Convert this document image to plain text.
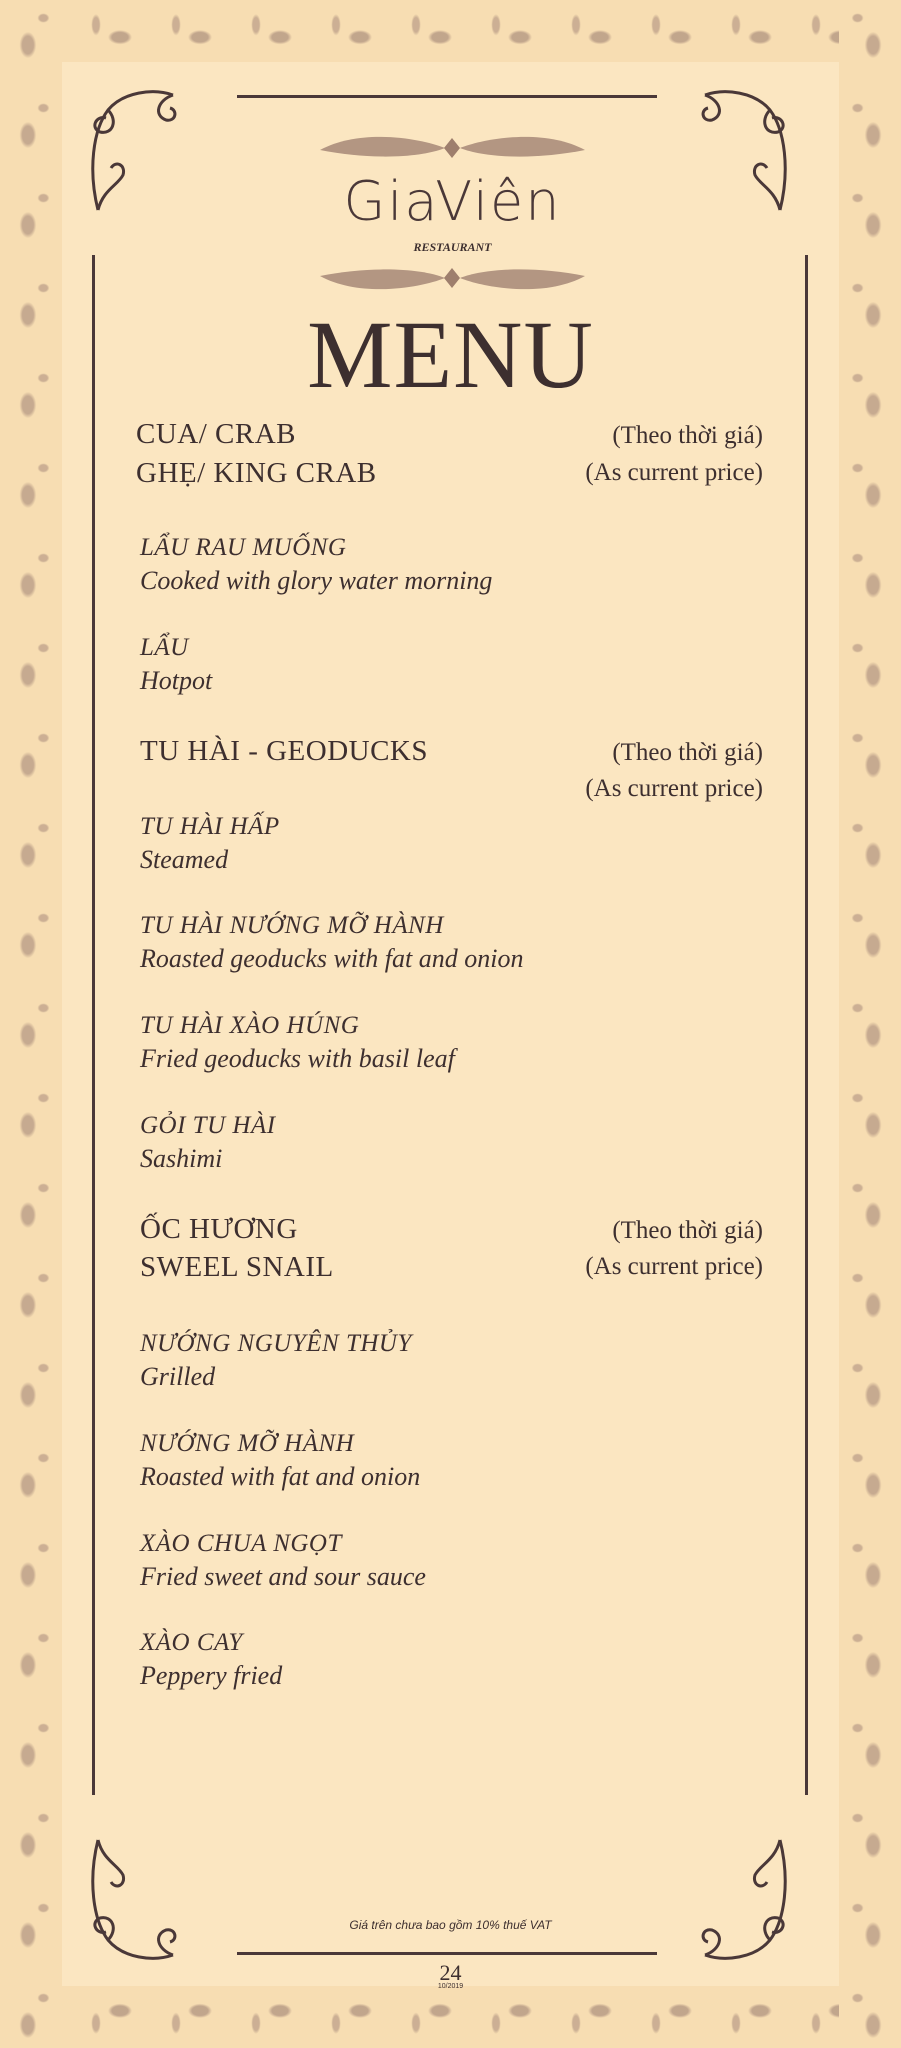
GiaViên
RESTAURANT
MENU
CUA/ CRAB
GHẸ/ KING CRAB
(Theo thời giá)
(As current price)
LẨU RAU MUỐNG
Cooked with glory water morning
LẨU
Hotpot
TU HÀI - GEODUCKS	(Theo thời giá)
(As current price)
TU HÀI HẤP
Steamed
TU HÀI NƯỚNG MỠ HÀNH
Roasted geoducks with fat and onion
TU HÀI XÀO HÚNG
Fried geoducks with basil leaf
GỎI TU HÀI
Sashimi
ỐC HƯƠNG
SWEEL SNAIL
(Theo thời giá)
(As current price)
NƯỚNG NGUYÊN THỦY
Grilled
NƯỚNG MỠ HÀNH
Roasted with fat and onion
XÀO CHUA NGỌT
Fried sweet and sour sauce
XÀO CAY
Peppery fried
Giá trên chưa bao gồm 10% thuế VAT
24
10/2019
